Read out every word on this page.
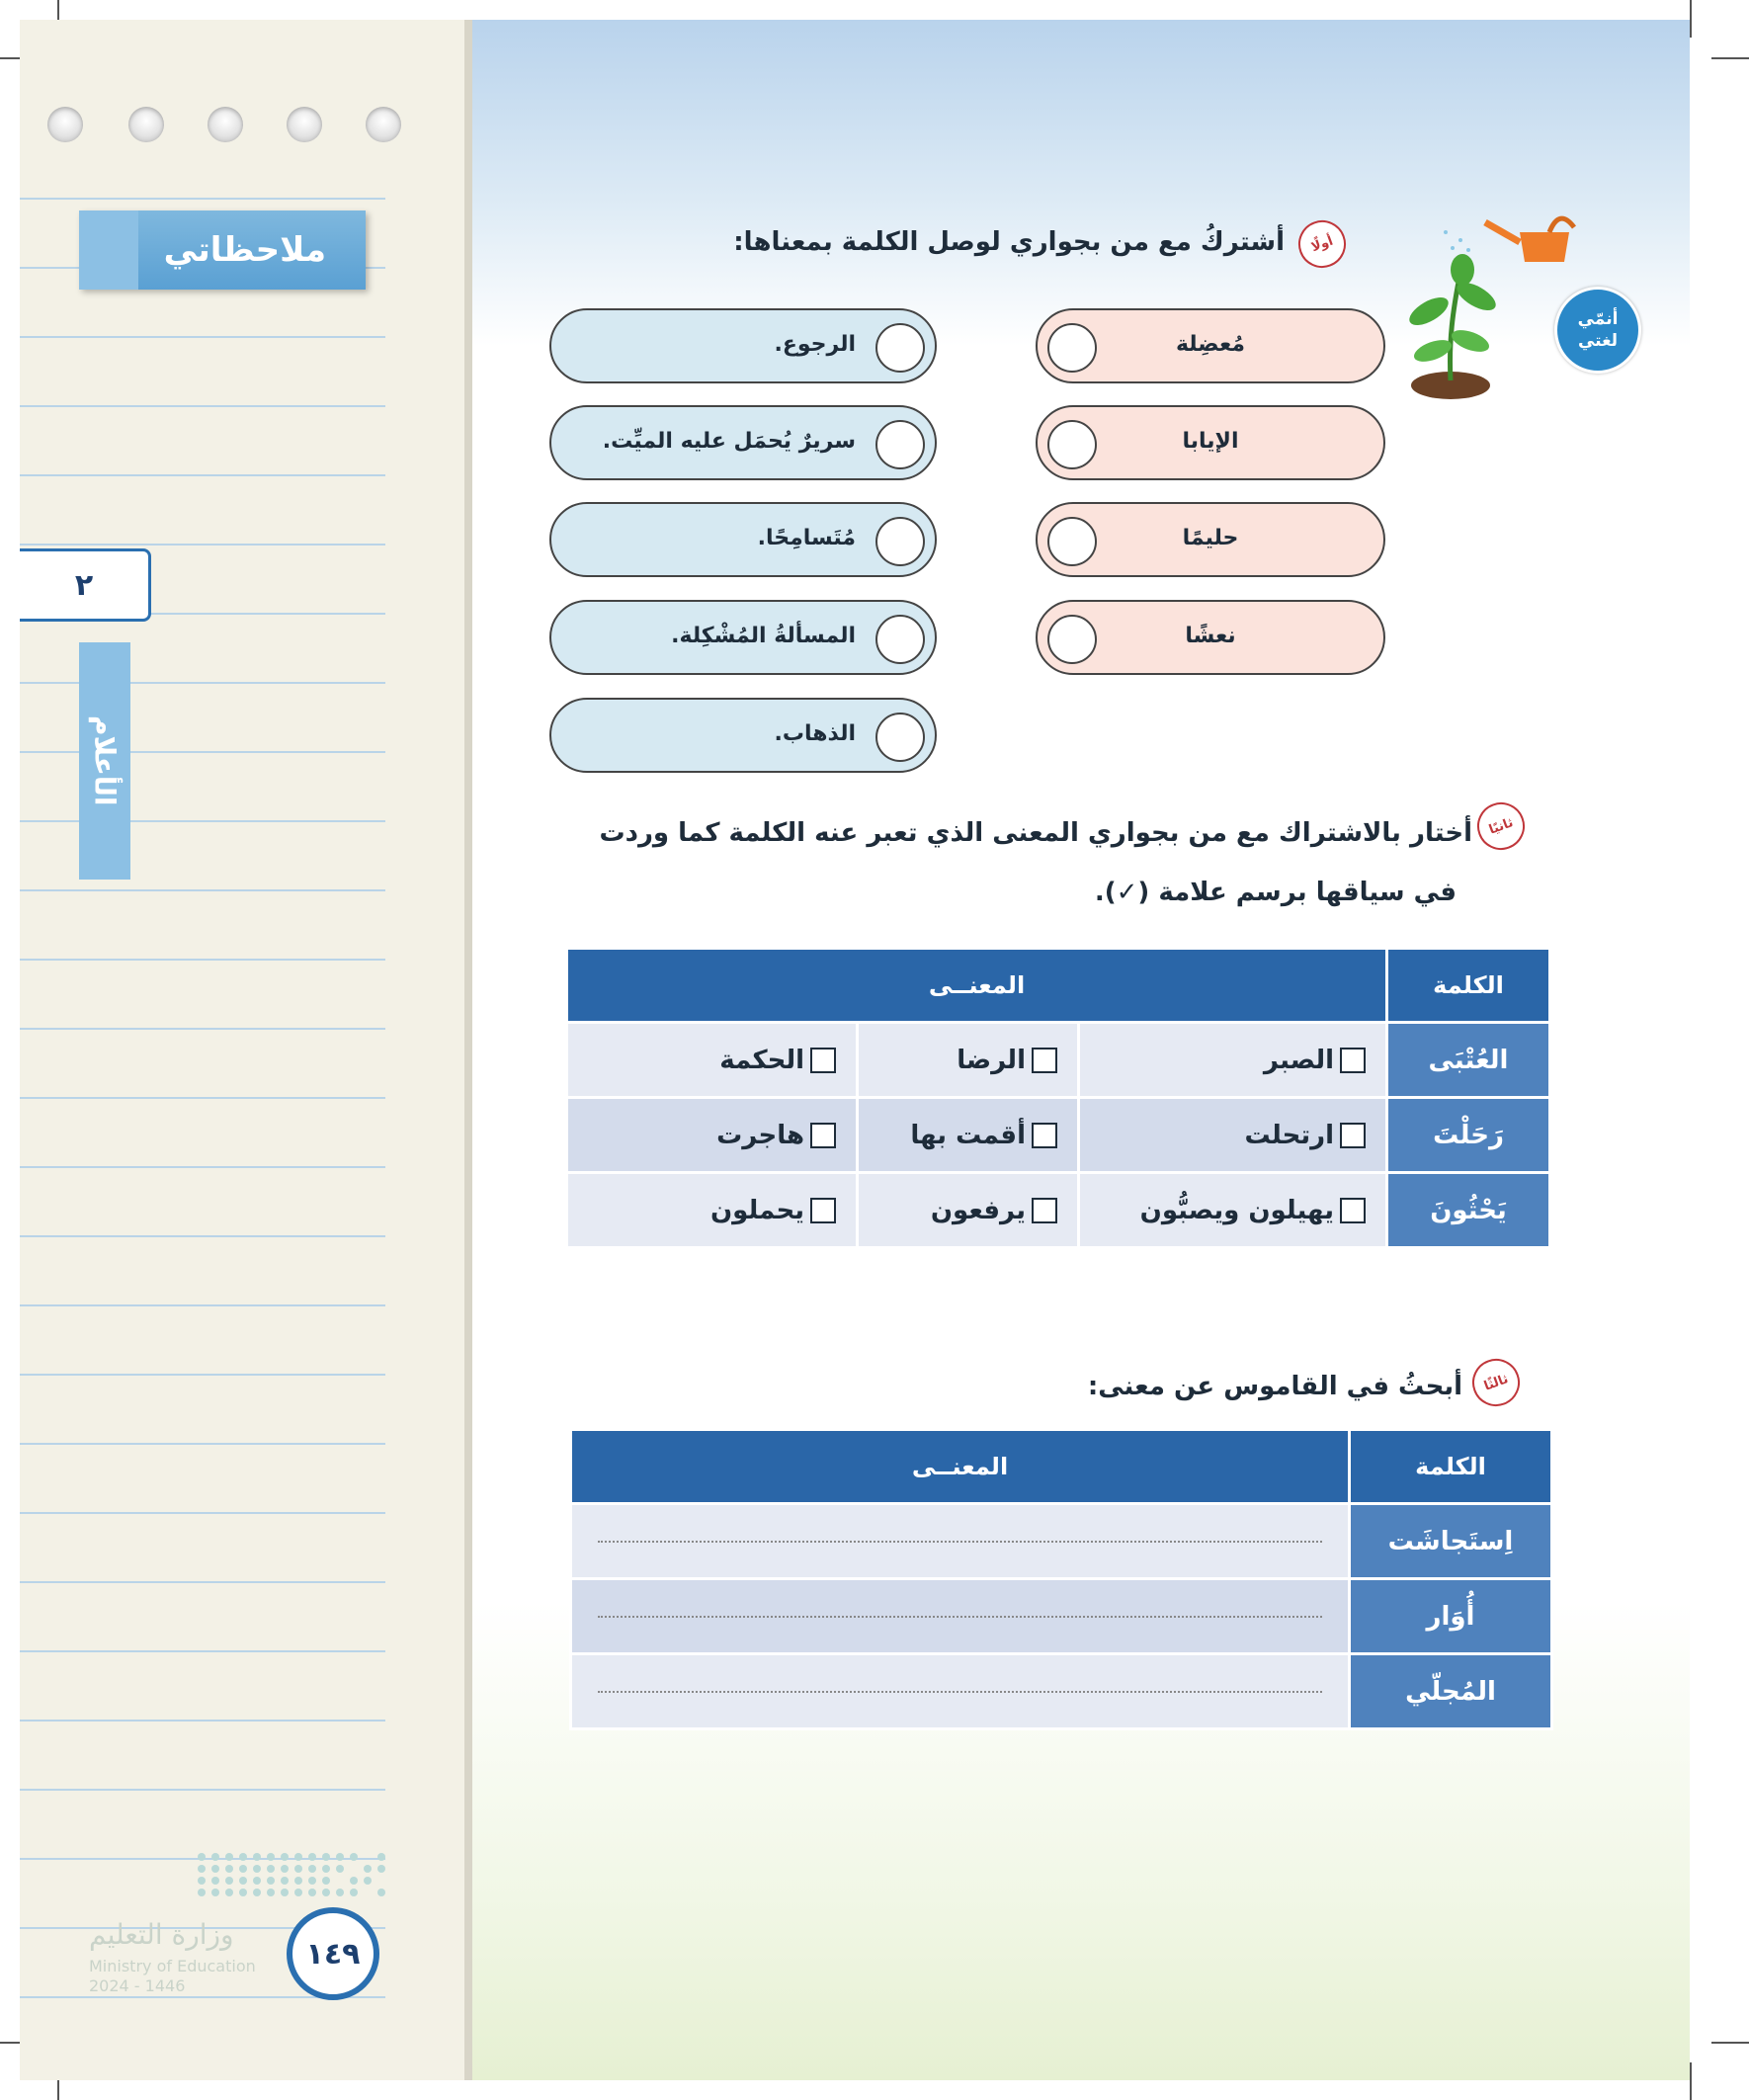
ملاحظاتي
٢
الأعلام
وزارة التعليم
Ministry of Education
2024 - 1446
١٤٩
أنمّي
لغتي
أولًا
أشتركُ مع من بجواري لوصل الكلمة بمعناها:
مُعضِلة
الإيابا
حليمًا
نعشًا
الرجوع.
سريرٌ يُحمَل عليه الميِّت.
مُتَسامِحًا.
المسألةُ المُشْكِلة.
الذهاب.
ثانيًا
أختار بالاشتراك مع من بجواري المعنى الذي تعبر عنه الكلمة كما وردت
في سياقها برسم علامة (✓).
المعنــى			الكلمة
الحكمة	الرضا	الصبر	العُتْبَى
هاجرت	أقمت بها	ارتحلت	رَحَلْتَ
يحملون	يرفعون	يهيلون ويصبُّون	يَحْثُونَ
ثالثًا
أبحثُ في القاموس عن معنى:
المعنــى	الكلمة

	اِستَجاشَت

	أُوَار

	المُجلّي
